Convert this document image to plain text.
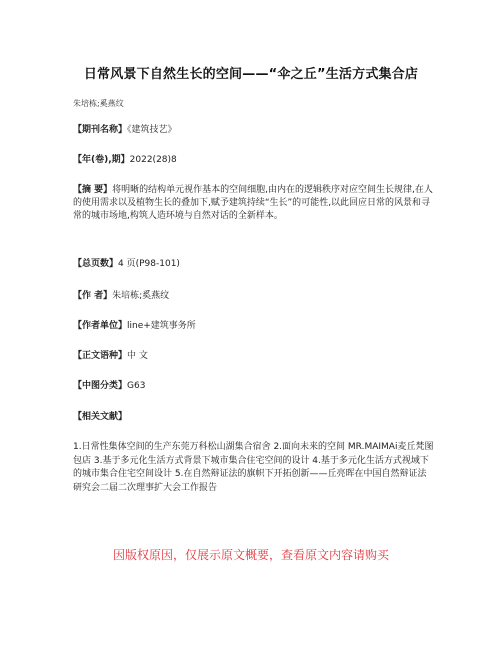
日常风景下自然生长的空间——“伞之丘”生活方式集合店
朱培栋;奚燕纹
【期刊名称】《建筑技艺》
【年(卷),期】2022(28)8
【摘 要】将明晰的结构单元视作基本的空间细胞,由内在的逻辑秩序对应空间生长规律,在人的使用需求以及植物生长的叠加下,赋予建筑持续“生长”的可能性,以此回应日常的风景和寻常的城市场地,构筑人造环境与自然对话的全新样本。
【总页数】4 页(P98-101)
【作 者】朱培栋;奚燕纹
【作者单位】line+建筑事务所
【正文语种】中 文
【中图分类】G63
【相关文献】
1.日常性集体空间的生产东莞万科松山湖集合宿舍 2.面向未来的空间 MR.MAIMAi麦丘梵图包店 3.基于多元化生活方式背景下城市集合住宅空间的设计 4.基于多元化生活方式视域下的城市集合住宅空间设计 5.在自然辩证法的旗帜下开拓创新——丘亮晖在中国自然辩证法研究会二届二次理事扩大会工作报告
因版权原因，仅展示原文概要，查看原文内容请购买
